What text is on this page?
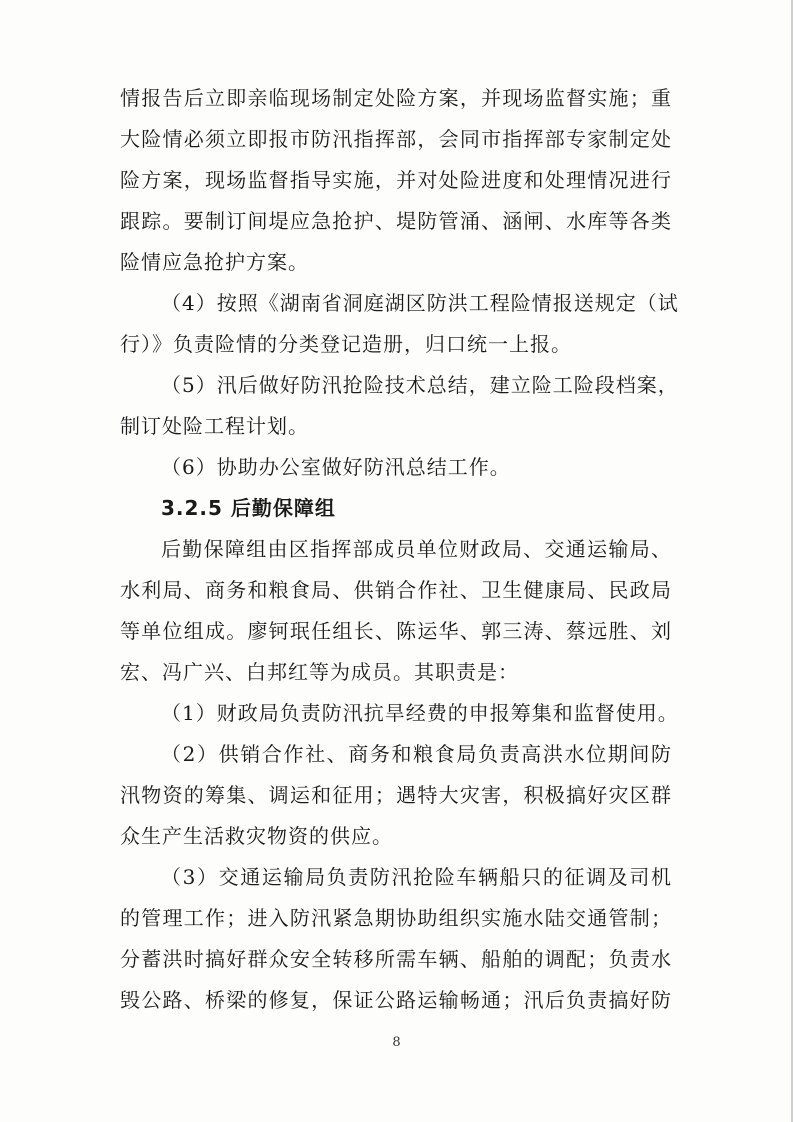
情报告后立即亲临现场制定处险方案，并现场监督实施；重
大险情必须立即报市防汛指挥部，会同市指挥部专家制定处
险方案，现场监督指导实施，并对处险进度和处理情况进行
跟踪。要制订间堤应急抢护、堤防管涌、涵闸、水库等各类
险情应急抢护方案。
（4）按照《湖南省洞庭湖区防洪工程险情报送规定（试
行）》负责险情的分类登记造册，归口统一上报。
（5）汛后做好防汛抢险技术总结，建立险工险段档案，
制订处险工程计划。
（6）协助办公室做好防汛总结工作。
3.2.5 后勤保障组
后勤保障组由区指挥部成员单位财政局、交通运输局、
水利局、商务和粮食局、供销合作社、卫生健康局、民政局
等单位组成。廖钶珉任组长、陈运华、郭三涛、蔡远胜、刘
宏、冯广兴、白邦红等为成员。其职责是：
（1）财政局负责防汛抗旱经费的申报筹集和监督使用。
（2）供销合作社、商务和粮食局负责高洪水位期间防
汛物资的筹集、调运和征用；遇特大灾害，积极搞好灾区群
众生产生活救灾物资的供应。
（3）交通运输局负责防汛抢险车辆船只的征调及司机
的管理工作；进入防汛紧急期协助组织实施水陆交通管制；
分蓄洪时搞好群众安全转移所需车辆、船舶的调配；负责水
毁公路、桥梁的修复，保证公路运输畅通；汛后负责搞好防
8
